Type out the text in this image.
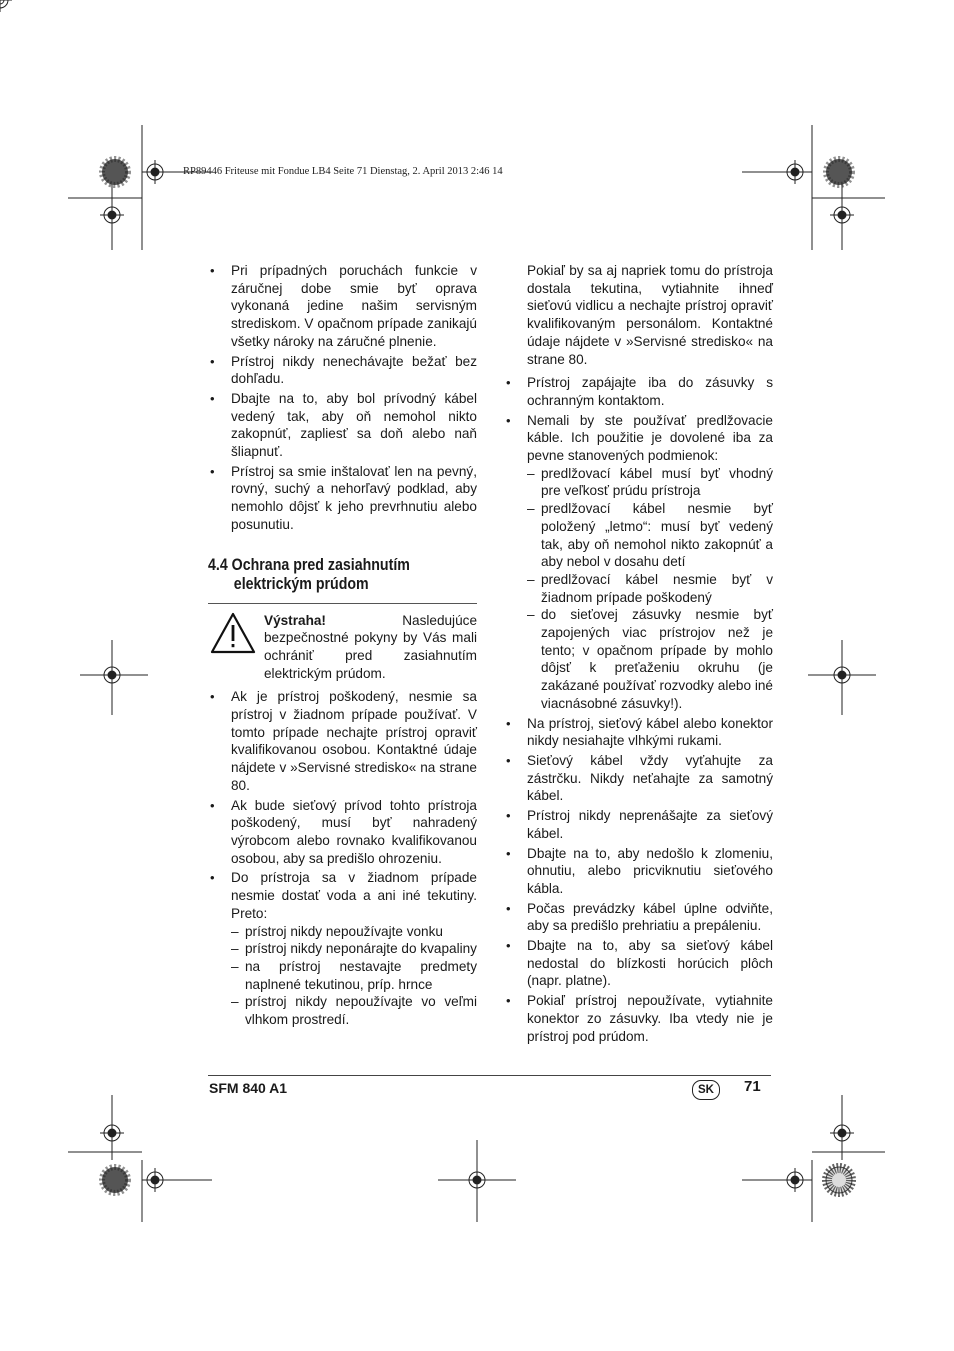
RP89446 Friteuse mit Fondue LB4 Seite 71 Dienstag, 2. April 2013 2:46 14
• Pri prípadných poruchách funkcie v záručnej dobe smie byť oprava vykonaná jedine našim servisným strediskom. V opačnom prípade zanikajú všetky nároky na záručné plnenie.
• Prístroj nikdy nenechávajte bežať bez dohľadu.
• Dbajte na to, aby bol prívodný kábel vedený tak, aby oň nemohol nikto zakopnúť, zapliesť sa doň alebo naň šliapnuť.
• Prístroj sa smie inštalovať len na pevný, rovný, suchý a nehorľavý podklad, aby nemohlo dôjsť k jeho prevrhnutiu alebo posunutiu.
4.4 Ochrana pred zasiahnutím
elektrickým prúdom
Výstraha!	Nasledujúce bezpečnostné pokyny by Vás mali ochrániť pred zasiahnutím elektrickým prúdom.
• Ak je prístroj poškodený, nesmie sa prístroj v žiadnom prípade používať. V tomto prípade nechajte prístroj opraviť kvalifikovanou osobou. Kontaktné údaje nájdete v »Servisné stredisko« na strane 80.
• Ak bude sieťový prívod tohto prístroja poškodený, musí byť nahradený výrobcom alebo rovnako kvalifikovanou osobou, aby sa predišlo ohrozeniu.
• Do prístroja sa v žiadnom prípade nesmie dostať voda a ani iné tekutiny. Preto:
– prístroj nikdy nepoužívajte vonku
– prístroj nikdy neponárajte do kvapaliny
– na prístroj nestavajte predmety naplnené tekutinou, príp. hrnce
– prístroj nikdy nepoužívajte vo veľmi vlhkom prostredí.

Pokiaľ by sa aj napriek tomu do prístroja dostala tekutina, vytiahnite ihneď sieťovú vidlicu a nechajte prístroj opraviť kvalifikovaným personálom. Kontaktné údaje nájdete v »Servisné stredisko« na strane 80.

• Prístroj zapájajte iba do zásuvky s ochranným kontaktom.
• Nemali by ste používať predlžovacie káble. Ich použitie je dovolené iba za pevne stanovených podmienok:
– predlžovací kábel musí byť vhodný pre veľkosť prúdu prístroja
– predlžovací kábel nesmie byť položený „letmo“: musí byť vedený tak, aby oň nemohol nikto zakopnúť a aby nebol v dosahu detí
– predlžovací kábel nesmie byť v žiadnom prípade poškodený
– do sieťovej zásuvky nesmie byť zapojených viac prístrojov než je tento; v opačnom prípade by mohlo dôjsť k preťaženiu okruhu (je zakázané používať rozvodky alebo iné viacnásobné zásuvky!).
• Na prístroj, sieťový kábel alebo konektor nikdy nesiahajte vlhkými rukami.
• Sieťový kábel vždy vyťahujte za zástrčku. Nikdy neťahajte za samotný kábel.
• Prístroj nikdy neprenášajte za sieťový kábel.
• Dbajte na to, aby nedošlo k zlomeniu, ohnutiu, alebo pricviknutiu sieťového kábla.
• Počas prevádzky kábel úplne odviňte, aby sa predišlo prehriatiu a prepáleniu.
• Dbajte na to, aby sa sieťový kábel nedostal do blízkosti horúcich plôch (napr. platne).
• Pokiaľ prístroj nepoužívate, vytiahnite konektor zo zásuvky. Iba vtedy nie je prístroj pod prúdom.
SFM 840 A1	SK	71
